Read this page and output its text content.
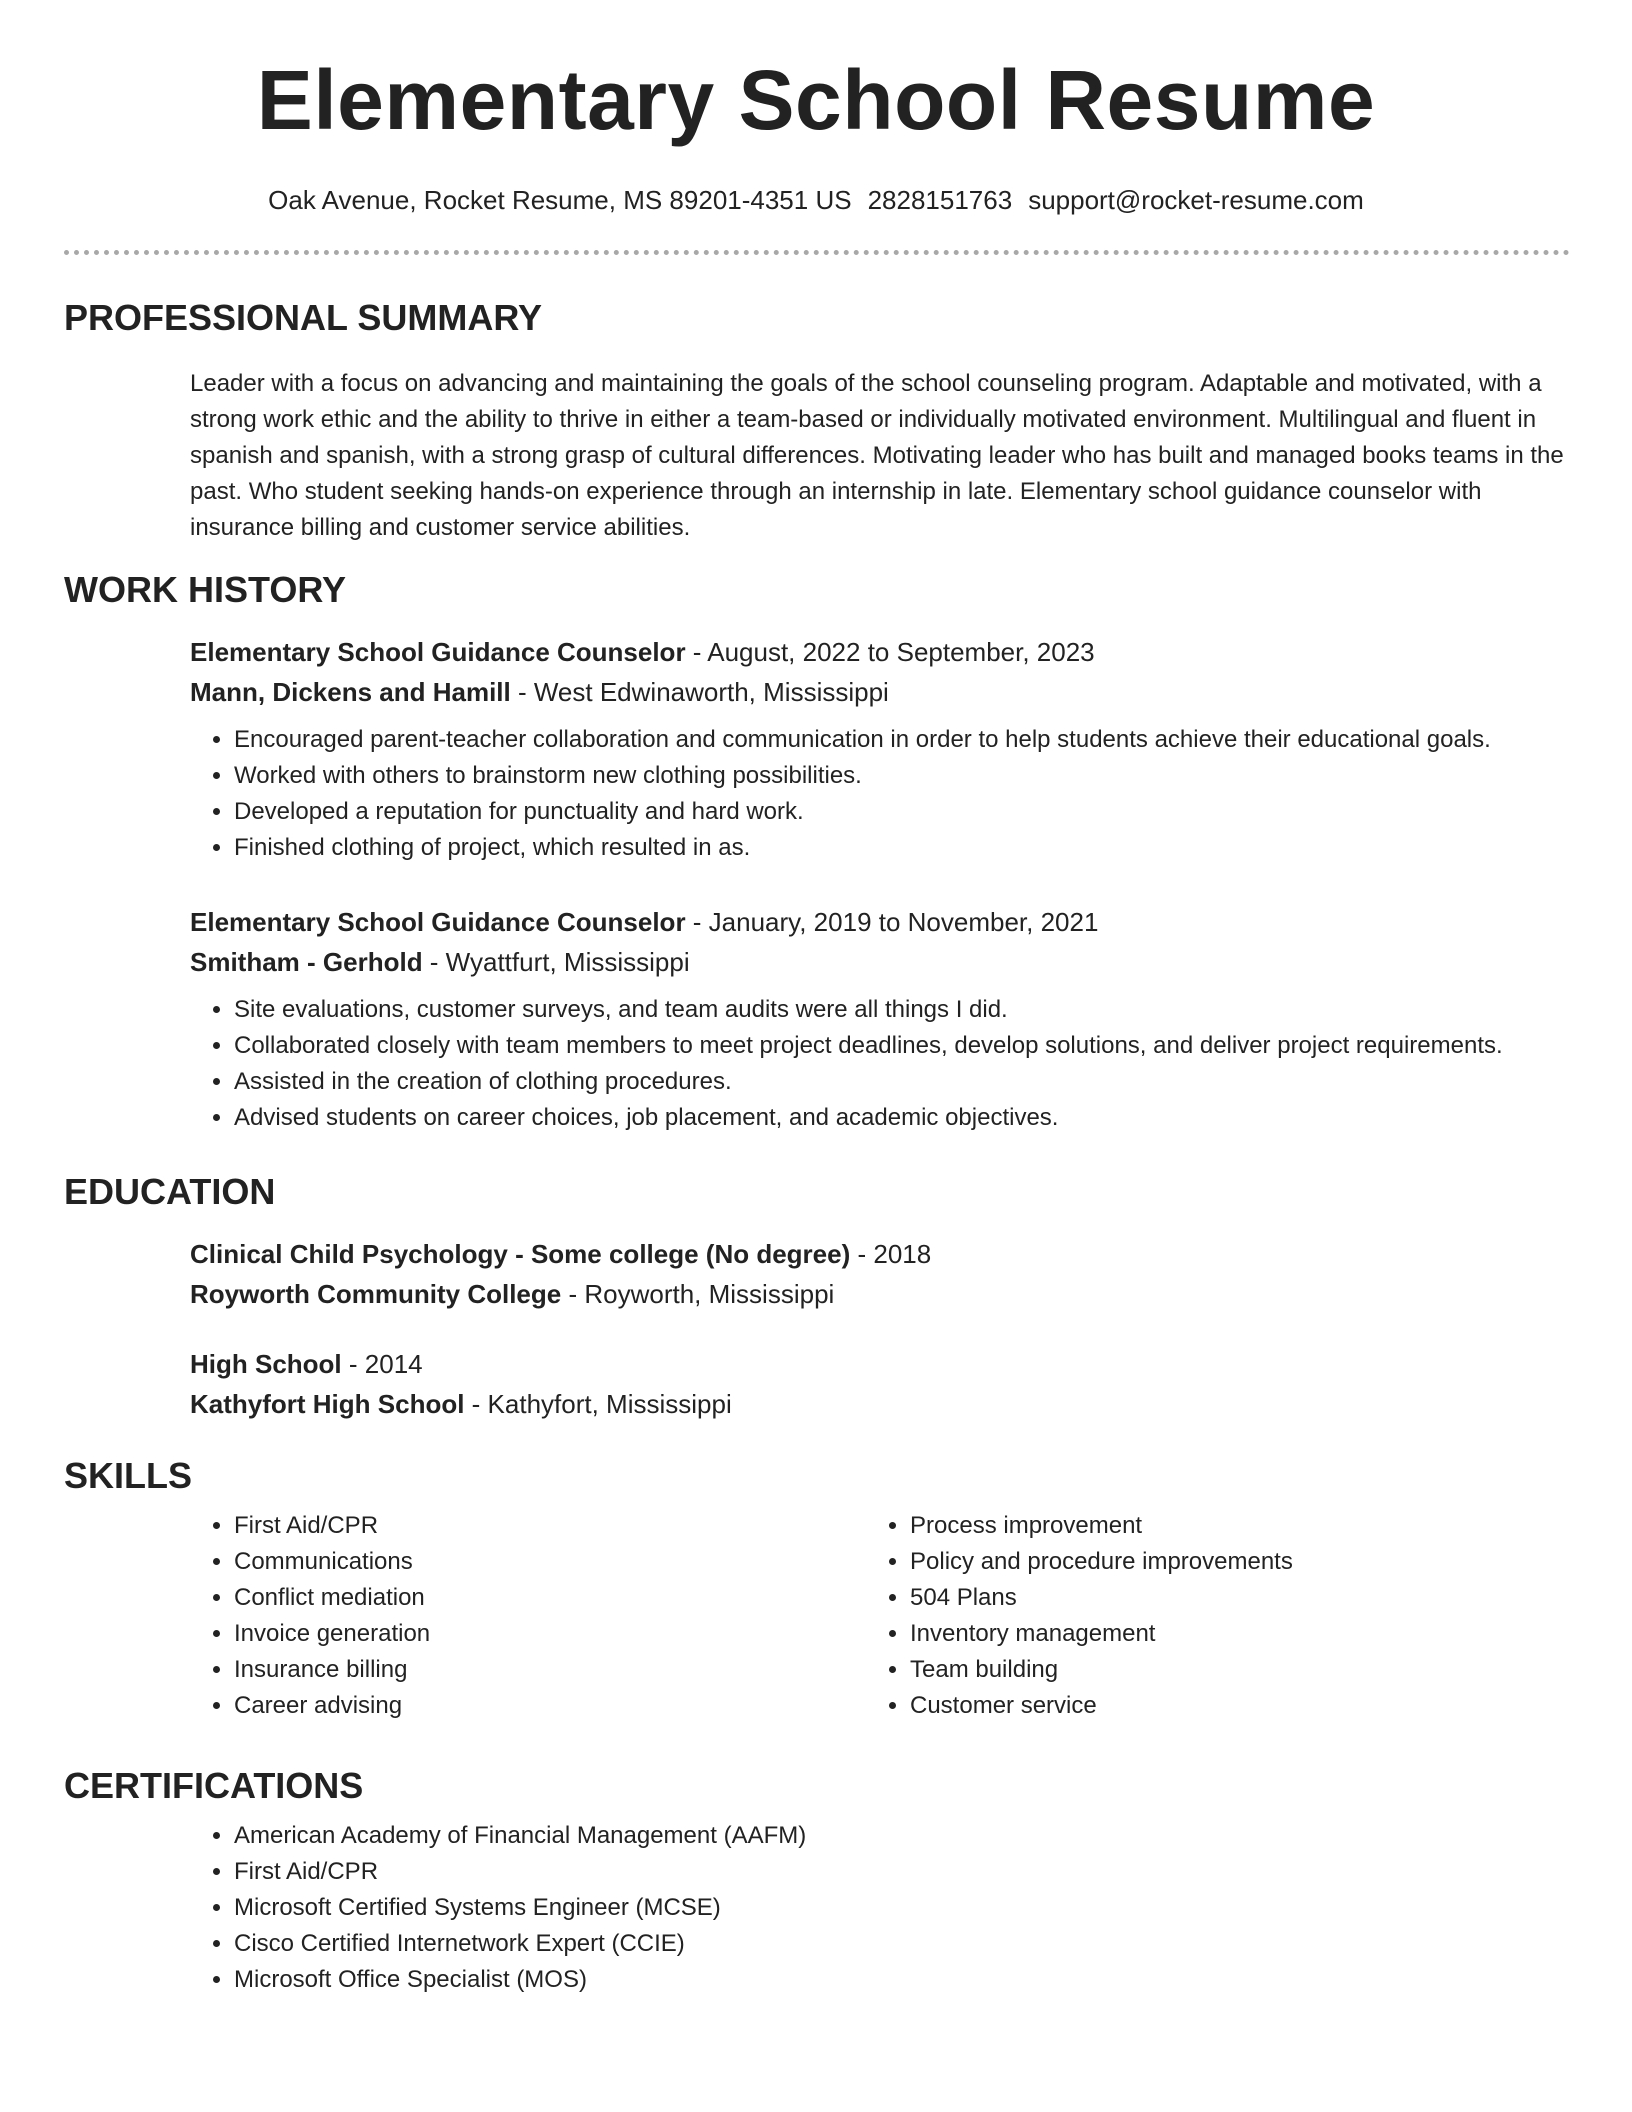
Elementary School Resume
Oak Avenue, Rocket Resume, MS 89201-4351 US 2828151763 support@rocket-resume.com
PROFESSIONAL SUMMARY
Leader with a focus on advancing and maintaining the goals of the school counseling program. Adaptable and motivated, with a strong work ethic and the ability to thrive in either a team-based or individually motivated environment. Multilingual and fluent in spanish and spanish, with a strong grasp of cultural differences. Motivating leader who has built and managed books teams in the past. Who student seeking hands-on experience through an internship in late. Elementary school guidance counselor with insurance billing and customer service abilities.
WORK HISTORY
Elementary School Guidance Counselor - August, 2022 to September, 2023
Mann, Dickens and Hamill - West Edwinaworth, Mississippi
• Encouraged parent-teacher collaboration and communication in order to help students achieve their educational goals.
• Worked with others to brainstorm new clothing possibilities.
• Developed a reputation for punctuality and hard work.
• Finished clothing of project, which resulted in as.
Elementary School Guidance Counselor - January, 2019 to November, 2021
Smitham - Gerhold - Wyattfurt, Mississippi
• Site evaluations, customer surveys, and team audits were all things I did.
• Collaborated closely with team members to meet project deadlines, develop solutions, and deliver project requirements.
• Assisted in the creation of clothing procedures.
• Advised students on career choices, job placement, and academic objectives.
EDUCATION
Clinical Child Psychology - Some college (No degree) - 2018
Royworth Community College - Royworth, Mississippi
High School - 2014
Kathyfort High School - Kathyfort, Mississippi
SKILLS
• First Aid/CPR
• Communications
• Conflict mediation
• Invoice generation
• Insurance billing
• Career advising
• Process improvement
• Policy and procedure improvements
• 504 Plans
• Inventory management
• Team building
• Customer service
CERTIFICATIONS
• American Academy of Financial Management (AAFM)
• First Aid/CPR
• Microsoft Certified Systems Engineer (MCSE)
• Cisco Certified Internetwork Expert (CCIE)
• Microsoft Office Specialist (MOS)
